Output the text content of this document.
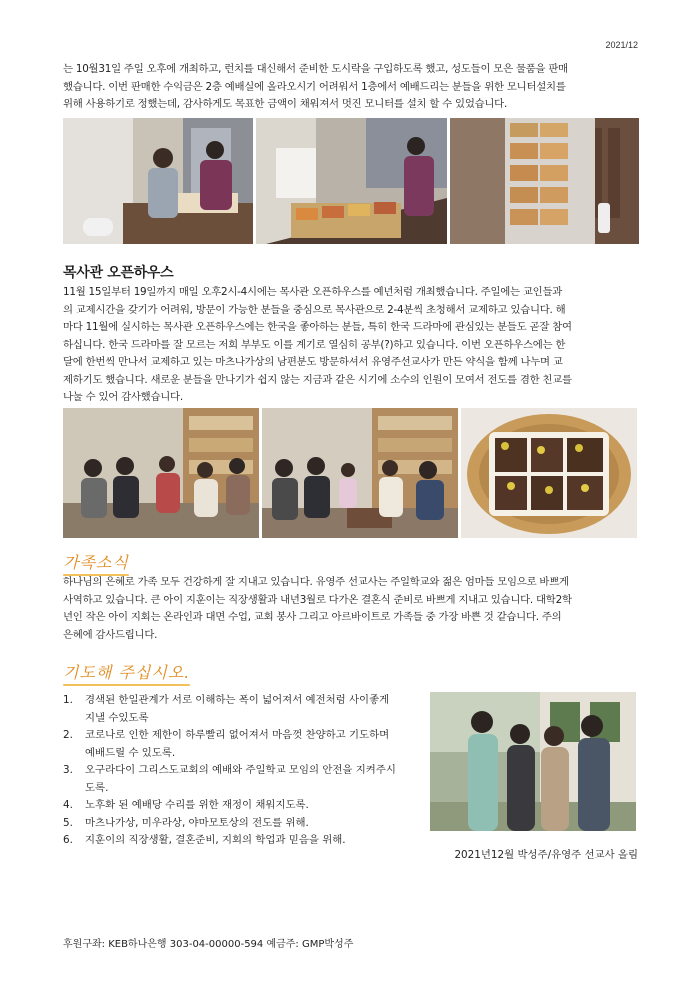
2021/12
는 10월31일 주일 오후에 개최하고, 런치를 대신해서 준비한 도시락을 구입하도록 했고, 성도들이 모은 물품을 판매
했습니다. 이번 판매한 수익금은 2층 예배실에 올라오시기 어려워서 1층에서 예배드리는 분들을 위한 모니터설치를
위해 사용하기로 정했는데, 감사하게도 목표한 금액이 채워져서 멋진 모니터를 설치 할 수 있었습니다.
목사관 오픈하우스
11월 15일부터 19일까지 매일 오후2시-4시에는 목사관 오픈하우스를 예년처럼 개최했습니다. 주일에는 교인들과
의 교제시간을 갖기가 어려워, 방문이 가능한 분들을 중심으로 목사관으로 2-4분씩 초청해서 교제하고 있습니다. 해
마다 11월에 실시하는 목사관 오픈하우스에는 한국을 좋아하는 분들, 특히 한국 드라마에 관심있는 분들도 곧잘 참여
하십니다. 한국 드라마를 잘 모르는 저희 부부도 이를 계기로 열심히 공부(?)하고 있습니다. 이번 오픈하우스에는 한
달에 한번씩 만나서 교제하고 있는 마츠나가상의 남편분도 방문하셔서 유영주선교사가 만든 약식을 함께 나누며 교
제하기도 했습니다. 새로운 분들을 만나기가 쉽지 않는 지금과 같은 시기에 소수의 인원이 모여서 전도를 겸한 친교를
나눌 수 있어 감사했습니다.
가족소식
하나님의 은혜로 가족 모두 건강하게 잘 지내고 있습니다. 유영주 선교사는 주일학교와 젊은 엄마들 모임으로 바쁘게
사역하고 있습니다. 큰 아이 지훈이는 직장생활과 내년3월로 다가온 결혼식 준비로 바쁘게 지내고 있습니다. 대학2학
년인 작은 아이 지회는 온라인과 대면 수업, 교회 봉사 그리고 아르바이트로 가족들 중 가장 바쁜 것 같습니다. 주의
은혜에 감사드립니다.
기도해 주십시오.
1.	경색된 한일관계가 서로 이해하는 폭이 넓어져서 예전처럼 사이좋게
지낼 수있도록
2.	코로나로 인한 제한이 하루빨리 없어져서 마음껏 찬양하고 기도하며
예배드릴 수 있도록.
3.	오구라다이 그리스도교회의 예배와 주일학교 모임의 안전을 지켜주시
도록.
4.	노후화 된 예배당 수리를 위한 재정이 채워지도록.
5.	마츠나가상, 미우라상, 야마모토상의 전도를 위해.
6.	지훈이의 직장생활, 결혼준비, 지회의 학업과 믿음을 위해.
2021년12월 박성주/유영주 선교사 올림
후원구좌: KEB하나은행 303-04-00000-594 예금주: GMP박성주
